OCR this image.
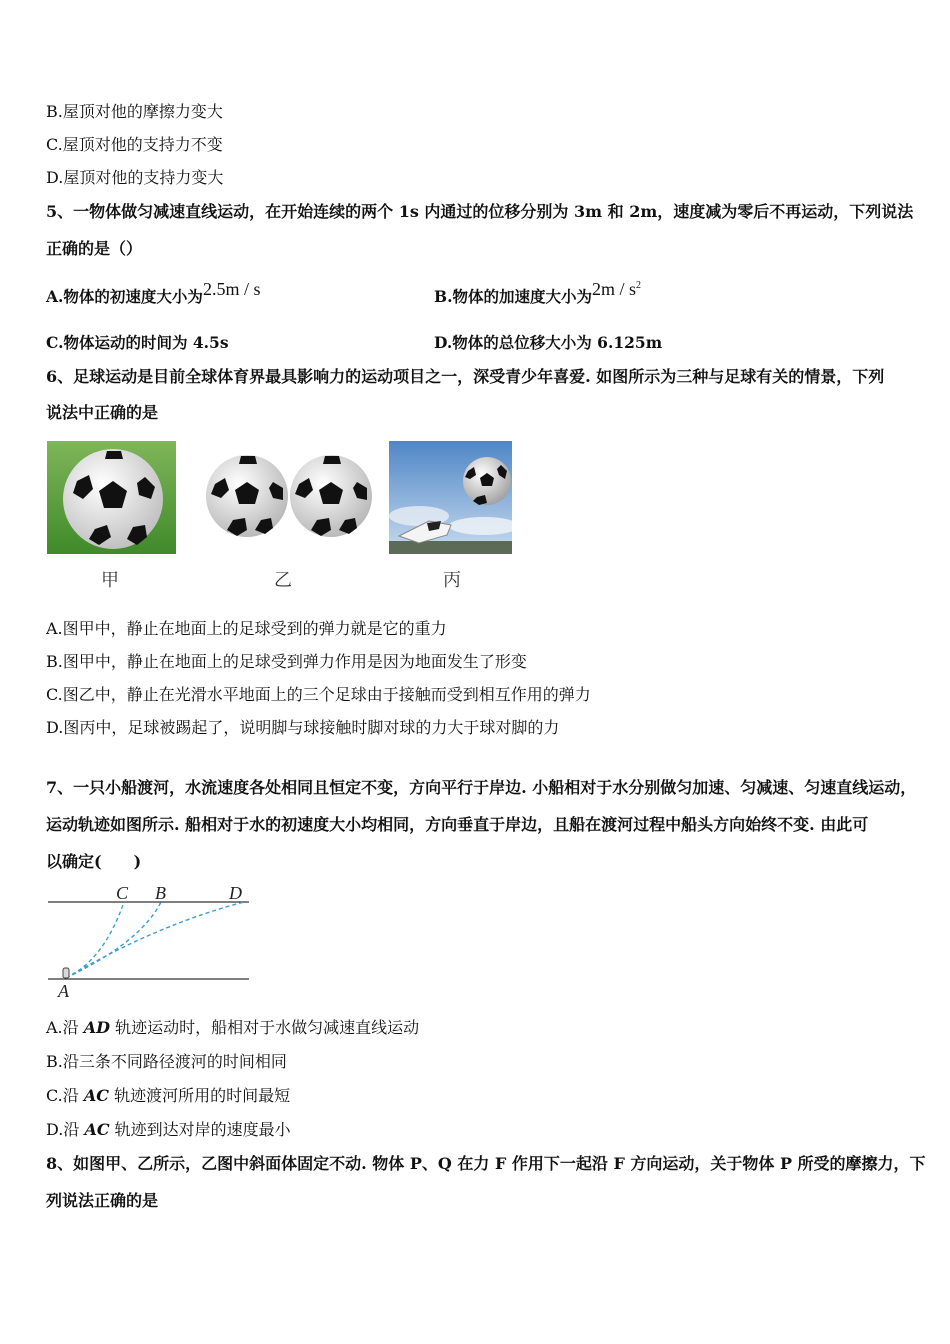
B.屋顶对他的摩擦力变大
C.屋顶对他的支持力不变
D.屋顶对他的支持力变大
5、一物体做匀减速直线运动，在开始连续的两个 1s 内通过的位移分别为 3m 和 2m，速度减为零后不再运动，下列说法
正确的是（）
A.物体的初速度大小为2.5m / s	B.物体的加速度大小为$2m / s^2$
C.物体运动的时间为 4.5s	D.物体的总位移大小为 6.125m
6、足球运动是目前全球体育界最具影响力的运动项目之一，深受青少年喜爱. 如图所示为三种与足球有关的情景，下列
说法中正确的是
甲	乙	丙
A.图甲中，静止在地面上的足球受到的弹力就是它的重力
B.图甲中，静止在地面上的足球受到弹力作用是因为地面发生了形变
C.图乙中，静止在光滑水平地面上的三个足球由于接触而受到相互作用的弹力
D.图丙中，足球被踢起了，说明脚与球接触时脚对球的力大于球对脚的力
7、一只小船渡河，水流速度各处相同且恒定不变，方向平行于岸边. 小船相对于水分别做匀加速、匀减速、匀速直线运动，
运动轨迹如图所示. 船相对于水的初速度大小均相同，方向垂直于岸边，且船在渡河过程中船头方向始终不变. 由此可
以确定(　　)
C B	D
A
A.沿 AD 轨迹运动时，船相对于水做匀减速直线运动
B.沿三条不同路径渡河的时间相同
C.沿 AC 轨迹渡河所用的时间最短
D.沿 AC 轨迹到达对岸的速度最小
8、如图甲、乙所示，乙图中斜面体固定不动. 物体 P、Q 在力 F 作用下一起沿 F 方向运动，关于物体 P 所受的摩擦力，下
列说法正确的是
